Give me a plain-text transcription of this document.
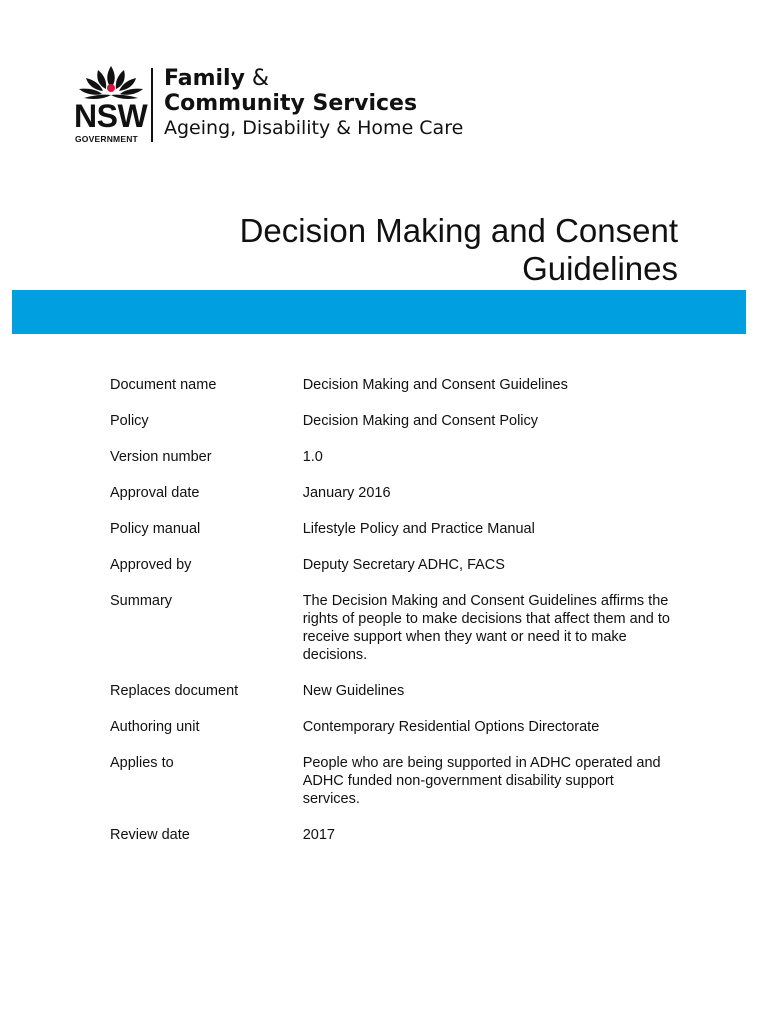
NSW
GOVERNMENT
Family &
Community Services
Ageing, Disability & Home Care
Decision Making and Consent
Guidelines
Document name	Decision Making and Consent Guidelines
Policy	Decision Making and Consent Policy
Version number	1.0
Approval date	January 2016
Policy manual	Lifestyle Policy and Practice Manual
Approved by	Deputy Secretary ADHC, FACS
Summary	The Decision Making and Consent Guidelines affirms the rights of people to make decisions that affect them and to receive support when they want or need it to make decisions.
Replaces document	New Guidelines
Authoring unit	Contemporary Residential Options Directorate
Applies to	People who are being supported in ADHC operated and ADHC funded non-government disability support services.
Review date	2017
